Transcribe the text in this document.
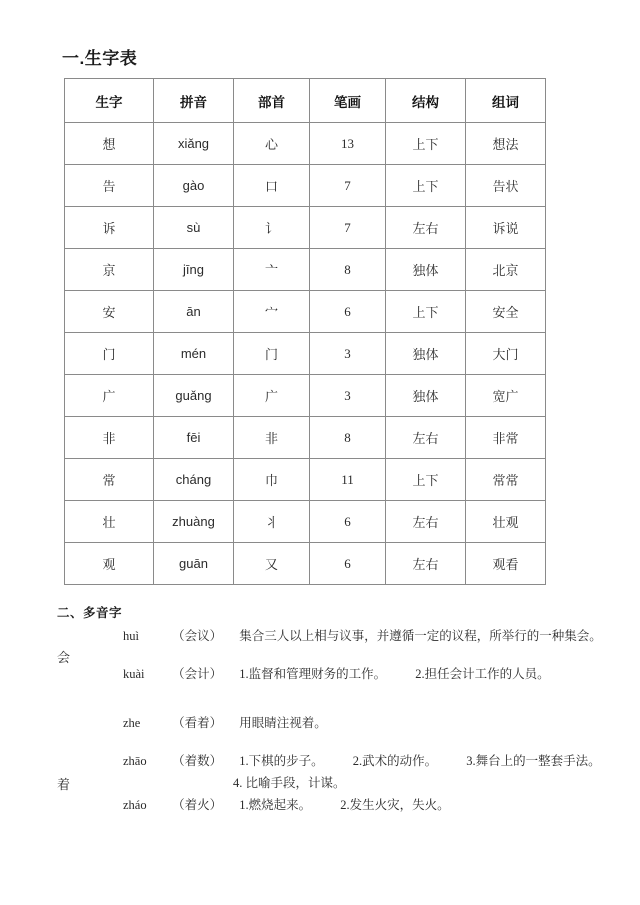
一.生字表
生字	拼音	部首	笔画	结构	组词
想	xiǎng	心	13	上下	想法
告	gào	口	7	上下	告状
诉	sù	讠	7	左右	诉说
京	jīng	亠	8	独体	北京
安	ān	宀	6	上下	安全
门	mén	门	3	独体	大门
广	guǎng	广	3	独体	宽广
非	fēi	非	8	左右	非常
常	cháng	巾	11	上下	常常
壮	zhuàng	丬	6	左右	壮观
观	guān	又	6	左右	观看
二、多音字
会
huì	（会议） 集合三人以上相与议事，并遵循一定的议程，所举行的一种集会。
kuài （会计） 1.监督和管理财务的工作。 2.担任会计工作的人员。
着
zhe	（看着） 用眼睛注视着。
zhāo （着数） 1.下棋的步子。 2.武术的动作。 3.舞台上的一整套手法。
4. 比喻手段，计谋。
zháo （着火） 1.燃烧起来。 2.发生火灾，失火。
